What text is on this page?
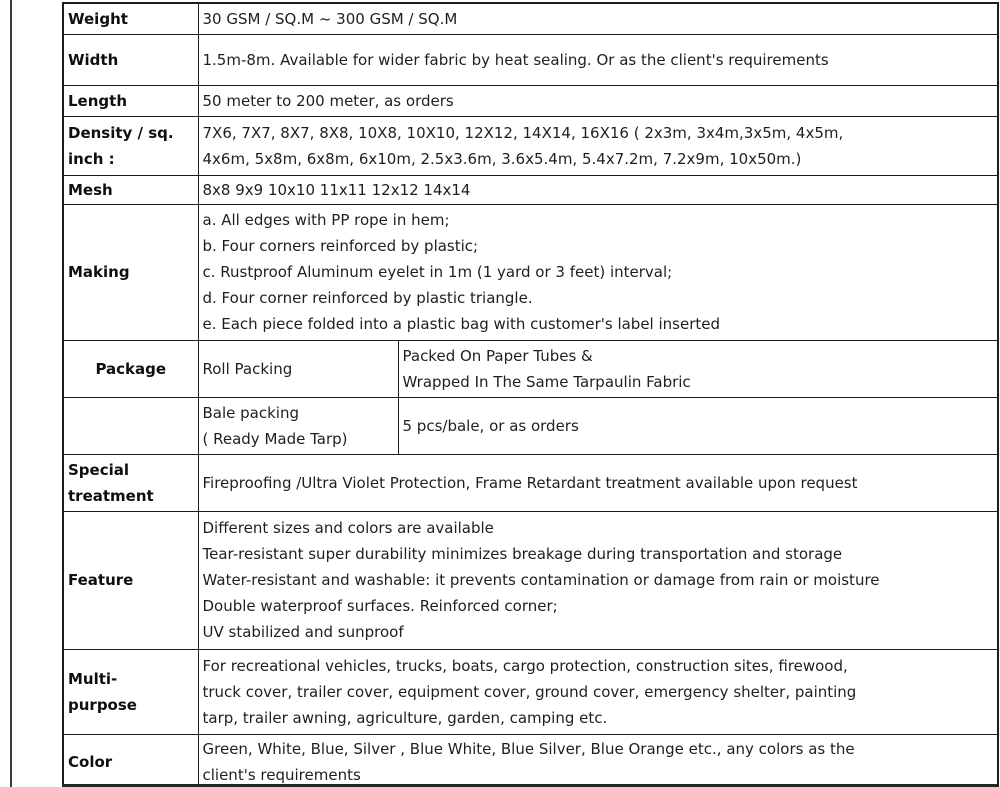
Weight	30 GSM / SQ.M ~ 300 GSM / SQ.M	
Width	1.5m-8m. Available for wider fabric by heat sealing. Or as the client's requirements	
Length	50 meter to 200 meter, as orders	
Density / sq.
inch :	7X6, 7X7, 8X7, 8X8, 10X8, 10X10, 12X12, 14X14, 16X16 ( 2x3m, 3x4m,3x5m, 4x5m,
4x6m, 5x8m, 6x8m, 6x10m, 2.5x3.6m, 3.6x5.4m, 5.4x7.2m, 7.2x9m, 10x50m.)	
Mesh	8x8 9x9 10x10 11x11 12x12 14x14	
Making	a. All edges with PP rope in hem;
b. Four corners reinforced by plastic;
c. Rustproof Aluminum eyelet in 1m (1 yard or 3 feet) interval;
d. Four corner reinforced by plastic triangle.
e. Each piece folded into a plastic bag with customer's label inserted	
Package	Roll Packing	Packed On Paper Tubes &
Wrapped In The Same Tarpaulin Fabric
	Bale packing
( Ready Made Tarp)	5 pcs/bale, or as orders
Special
treatment	Fireproofing /Ultra Violet Protection, Frame Retardant treatment available upon request	
Feature	Different sizes and colors are available
Tear-resistant super durability minimizes breakage during transportation and storage
Water-resistant and washable: it prevents contamination or damage from rain or moisture
Double waterproof surfaces. Reinforced corner;
UV stabilized and sunproof	
Multi-
purpose	For recreational vehicles, trucks, boats, cargo protection, construction sites, firewood,
truck cover, trailer cover, equipment cover, ground cover, emergency shelter, painting
tarp, trailer awning, agriculture, garden, camping etc.	
Color	Green, White, Blue, Silver , Blue White, Blue Silver, Blue Orange etc., any colors as the
client's requirements	
